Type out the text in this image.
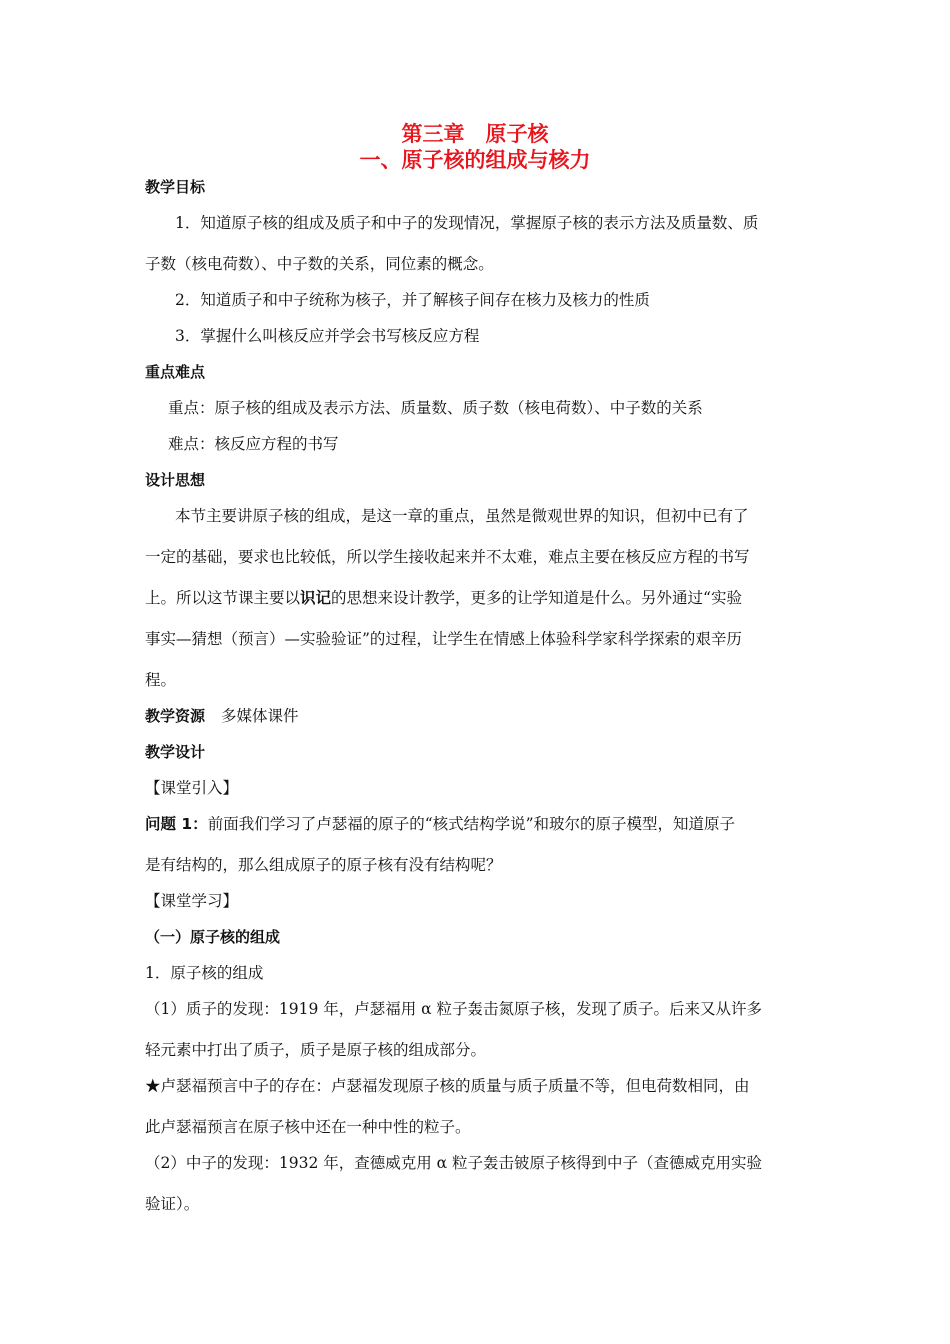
第三章　原子核
一、原子核的组成与核力
教学目标
1．知道原子核的组成及质子和中子的发现情况，掌握原子核的表示方法及质量数、质
子数（核电荷数）、中子数的关系，同位素的概念。
2．知道质子和中子统称为核子，并了解核子间存在核力及核力的性质
3．掌握什么叫核反应并学会书写核反应方程
重点难点
重点：原子核的组成及表示方法、质量数、质子数（核电荷数）、中子数的关系
难点：核反应方程的书写
设计思想
本节主要讲原子核的组成，是这一章的重点，虽然是微观世界的知识，但初中已有了
一定的基础，要求也比较低，所以学生接收起来并不太难，难点主要在核反应方程的书写
上。所以这节课主要以识记的思想来设计教学，更多的让学知道是什么。另外通过“实验
事实—猜想（预言）—实验验证”的过程，让学生在情感上体验科学家科学探索的艰辛历
程。
教学资源 多媒体课件
教学设计
【课堂引入】
问题 1：前面我们学习了卢瑟福的原子的“核式结构学说”和玻尔的原子模型，知道原子
是有结构的，那么组成原子的原子核有没有结构呢？
【课堂学习】
（一）原子核的组成
1．原子核的组成
（1）质子的发现：1919 年，卢瑟福用 α 粒子轰击氮原子核，发现了质子。后来又从许多
轻元素中打出了质子，质子是原子核的组成部分。
★卢瑟福预言中子的存在：卢瑟福发现原子核的质量与质子质量不等，但电荷数相同，由
此卢瑟福预言在原子核中还在一种中性的粒子。
（2）中子的发现：1932 年，查德威克用 α 粒子轰击铍原子核得到中子（查德威克用实验
验证）。
